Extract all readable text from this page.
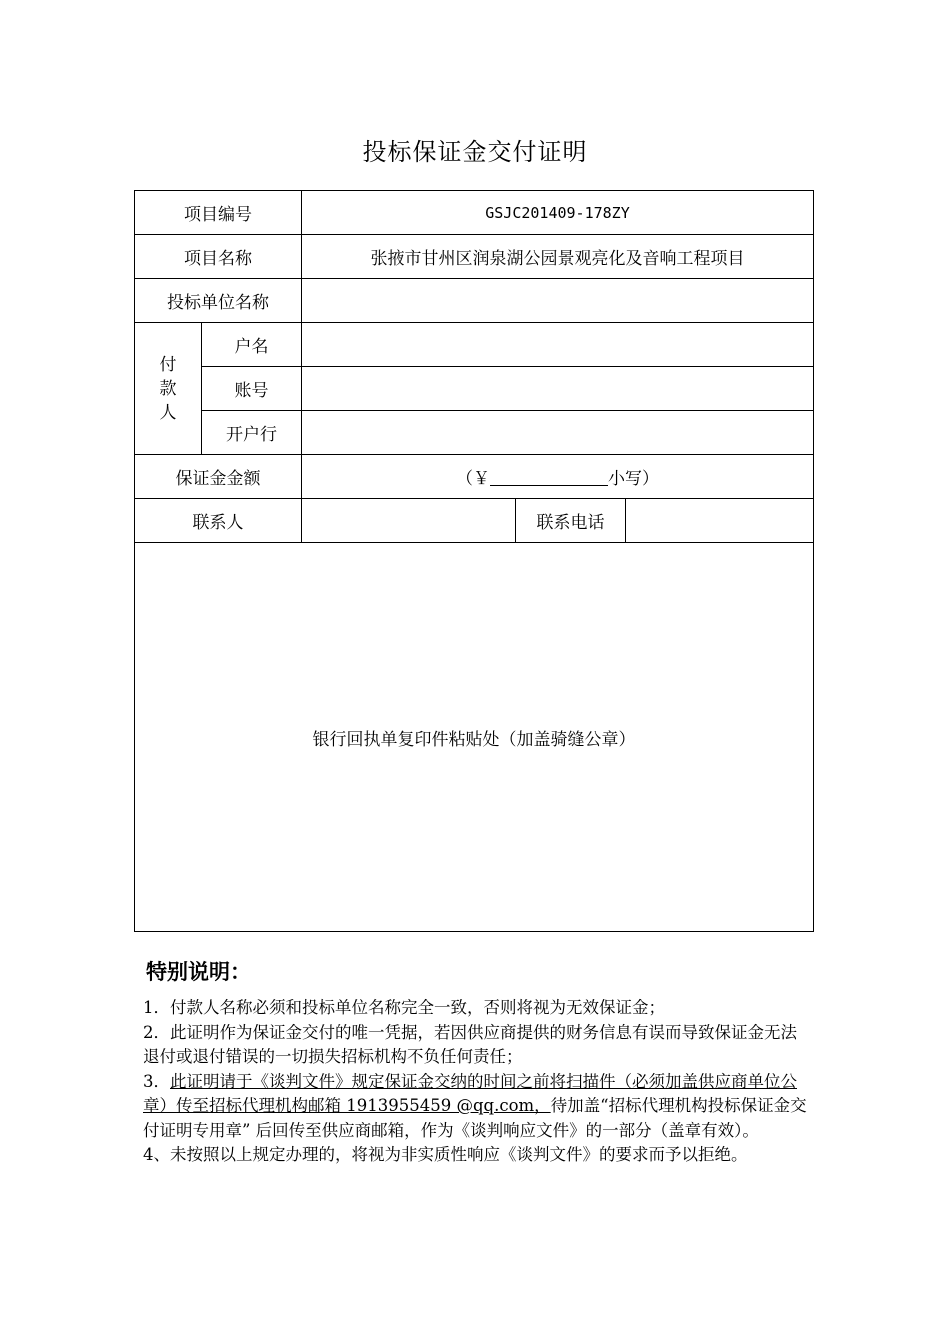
投标保证金交付证明
项目编号		GSJC201409-178ZY		
项目名称		张掖市甘州区润泉湖公园景观亮化及音响工程项目		
投标单位名称				

付
款
人	户名			
	账号			
	开户行			
保证金金额		（￥ 小写）		
联系人			联系电话	
银行回执单复印件粘贴处（加盖骑缝公章）				
特别说明：

1．付款人名称必须和投标单位名称完全一致，否则将视为无效保证金；

2．此证明作为保证金交付的唯一凭据，若因供应商提供的财务信息有误而导致保证金无法退付或退付错误的一切损失招标机构不负任何责任；

3．此证明请于《谈判文件》规定保证金交纳的时间之前将扫描件（必须加盖供应商单位公章）传至招标代理机构邮箱 1913955459 @qq.com，待加盖“招标代理机构投标保证金交付证明专用章” 后回传至供应商邮箱，作为《谈判响应文件》的一部分（盖章有效）。

4、未按照以上规定办理的，将视为非实质性响应《谈判文件》的要求而予以拒绝。
